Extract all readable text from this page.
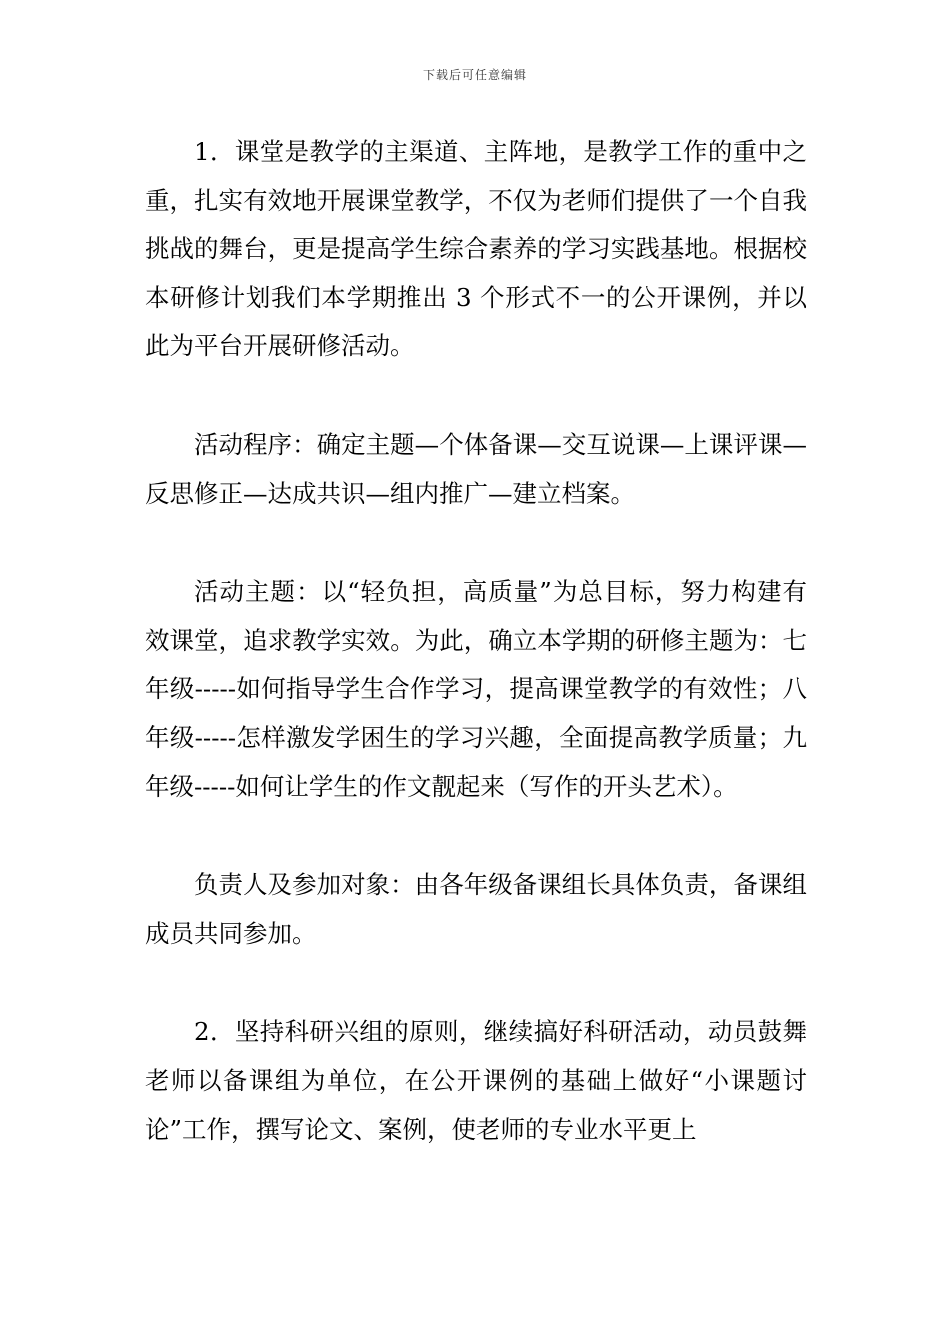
下载后可任意编辑

1．课堂是教学的主渠道、主阵地，是教学工作的重中之重，扎实有效地开展课堂教学，不仅为老师们提供了一个自我挑战的舞台，更是提高学生综合素养的学习实践基地。根据校本研修计划我们本学期推出 3 个形式不一的公开课例，并以此为平台开展研修活动。

活动程序：确定主题—个体备课—交互说课—上课评课—反思修正—达成共识—组内推广—建立档案。

活动主题：以“轻负担，高质量”为总目标，努力构建有效课堂，追求教学实效。为此，确立本学期的研修主题为：七年级-----如何指导学生合作学习，提高课堂教学的有效性；八年级-----怎样激发学困生的学习兴趣，全面提高教学质量；九年级-----如何让学生的作文靓起来（写作的开头艺术）。

负责人及参加对象：由各年级备课组长具体负责，备课组成员共同参加。

2．坚持科研兴组的原则，继续搞好科研活动，动员鼓舞老师以备课组为单位，在公开课例的基础上做好“小课题讨论”工作，撰写论文、案例，使老师的专业水平更上
